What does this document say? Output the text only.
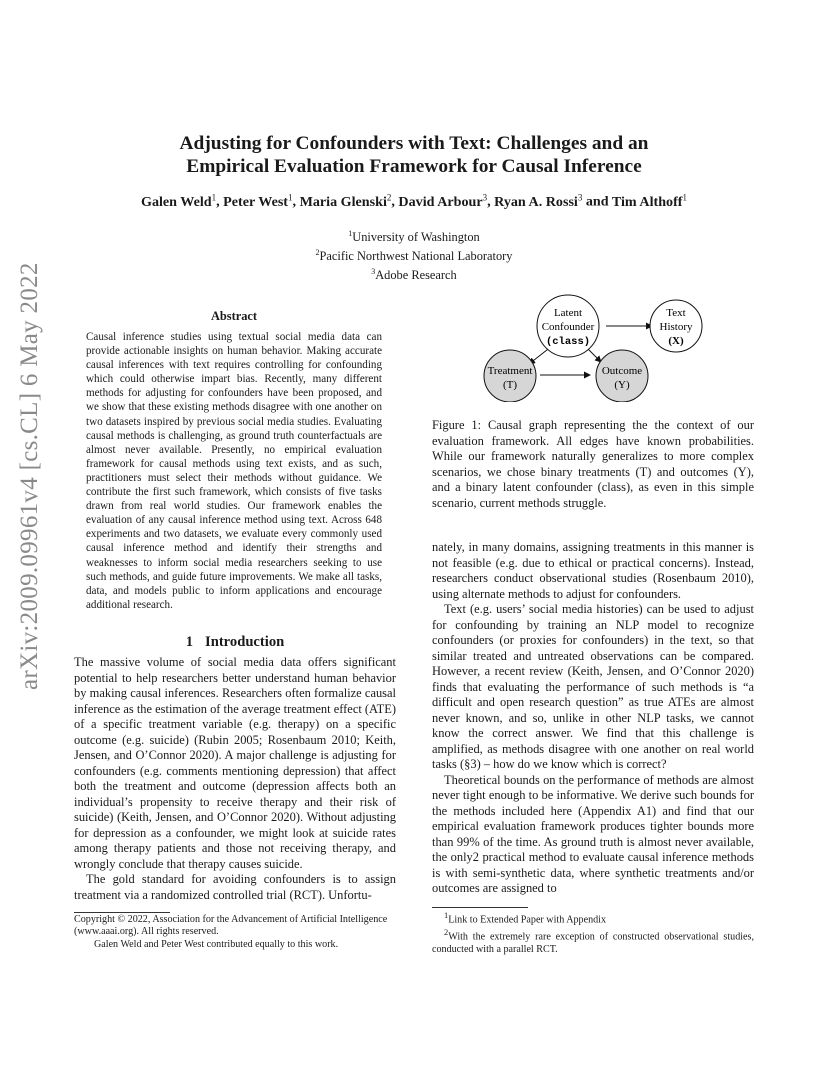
arXiv:2009.09961v4 [cs.CL] 6 May 2022
Adjusting for Confounders with Text: Challenges and an
Empirical Evaluation Framework for Causal Inference
Galen Weld$^1$, Peter West$^1$, Maria Glenski$^2$, David Arbour$^3$, Ryan A. Rossi$^3$ and Tim Althoff$^1$
$^1$University of Washington
$^2$Pacific Northwest National Laboratory
$^3$Adobe Research
Abstract
Causal inference studies using textual social media data can provide actionable insights on human behavior. Making accurate causal inferences with text requires controlling for confounding which could otherwise impart bias. Recently, many different methods for adjusting for confounders have been proposed, and we show that these existing methods disagree with one another on two datasets inspired by previous social media studies. Evaluating causal methods is challenging, as ground truth counterfactuals are almost never available. Presently, no empirical evaluation framework for causal methods using text exists, and as such, practitioners must select their methods without guidance. We contribute the first such framework, which consists of five tasks drawn from real world studies. Our framework enables the evaluation of any causal inference method using text. Across 648 experiments and two datasets, we evaluate every commonly used causal inference method and identify their strengths and weaknesses to inform social media researchers seeking to use such methods, and guide future improvements. We make all tasks, data, and models public to inform applications and encourage additional research.
1 Introduction

The massive volume of social media data offers significant potential to help researchers better understand human behavior by making causal inferences. Researchers often formalize causal inference as the estimation of the average treatment effect (ATE) of a specific treatment variable (e.g. therapy) on a specific outcome (e.g. suicide) (Rubin 2005; Rosenbaum 2010; Keith, Jensen, and O’Connor 2020). A major challenge is adjusting for confounders (e.g. comments mentioning depression) that affect both the treatment and outcome (depression affects both an individual’s propensity to receive therapy and their risk of suicide) (Keith, Jensen, and O’Connor 2020). Without adjusting for depression as a confounder, we might look at suicide rates among therapy patients and those not receiving therapy, and wrongly conclude that therapy causes suicide.

The gold standard for avoiding confounders is to assign treatment via a randomized controlled trial (RCT). Unfortu-

Copyright © 2022, Association for the Advancement of Artificial Intelligence (www.aaai.org). All rights reserved.
Galen Weld and Peter West contributed equally to this work.
Latent
Confounder
(class)
Text
History
(X)
Treatment
(T)
Outcome
(Y)
Figure 1: Causal graph representing the the context of our evaluation framework. All edges have known probabilities. While our framework naturally generalizes to more complex scenarios, we chose binary treatments (T) and outcomes (Y), and a binary latent confounder (class), as even in this simple scenario, current methods struggle.

nately, in many domains, assigning treatments in this manner is not feasible (e.g. due to ethical or practical concerns). Instead, researchers conduct observational studies (Rosenbaum 2010), using alternate methods to adjust for confounders.

Text (e.g. users’ social media histories) can be used to adjust for confounding by training an NLP model to recognize confounders (or proxies for confounders) in the text, so that similar treated and untreated observations can be compared. However, a recent review (Keith, Jensen, and O’Connor 2020) finds that evaluating the performance of such methods is “a difficult and open research question” as true ATEs are almost never known, and so, unlike in other NLP tasks, we cannot know the correct answer. We find that this challenge is amplified, as methods disagree with one another on real world tasks (§3) – how do we know which is correct?

Theoretical bounds on the performance of methods are almost never tight enough to be informative. We derive such bounds for the methods included here (Appendix A1) and find that our empirical evaluation framework produces tighter bounds more than 99% of the time. As ground truth is almost never available, the only2 practical method to evaluate causal inference methods is with semi-synthetic data, where synthetic treatments and/or outcomes are assigned to

$^1$Link to Extended Paper with Appendix

$^2$With the extremely rare exception of constructed observational studies, conducted with a parallel RCT.
